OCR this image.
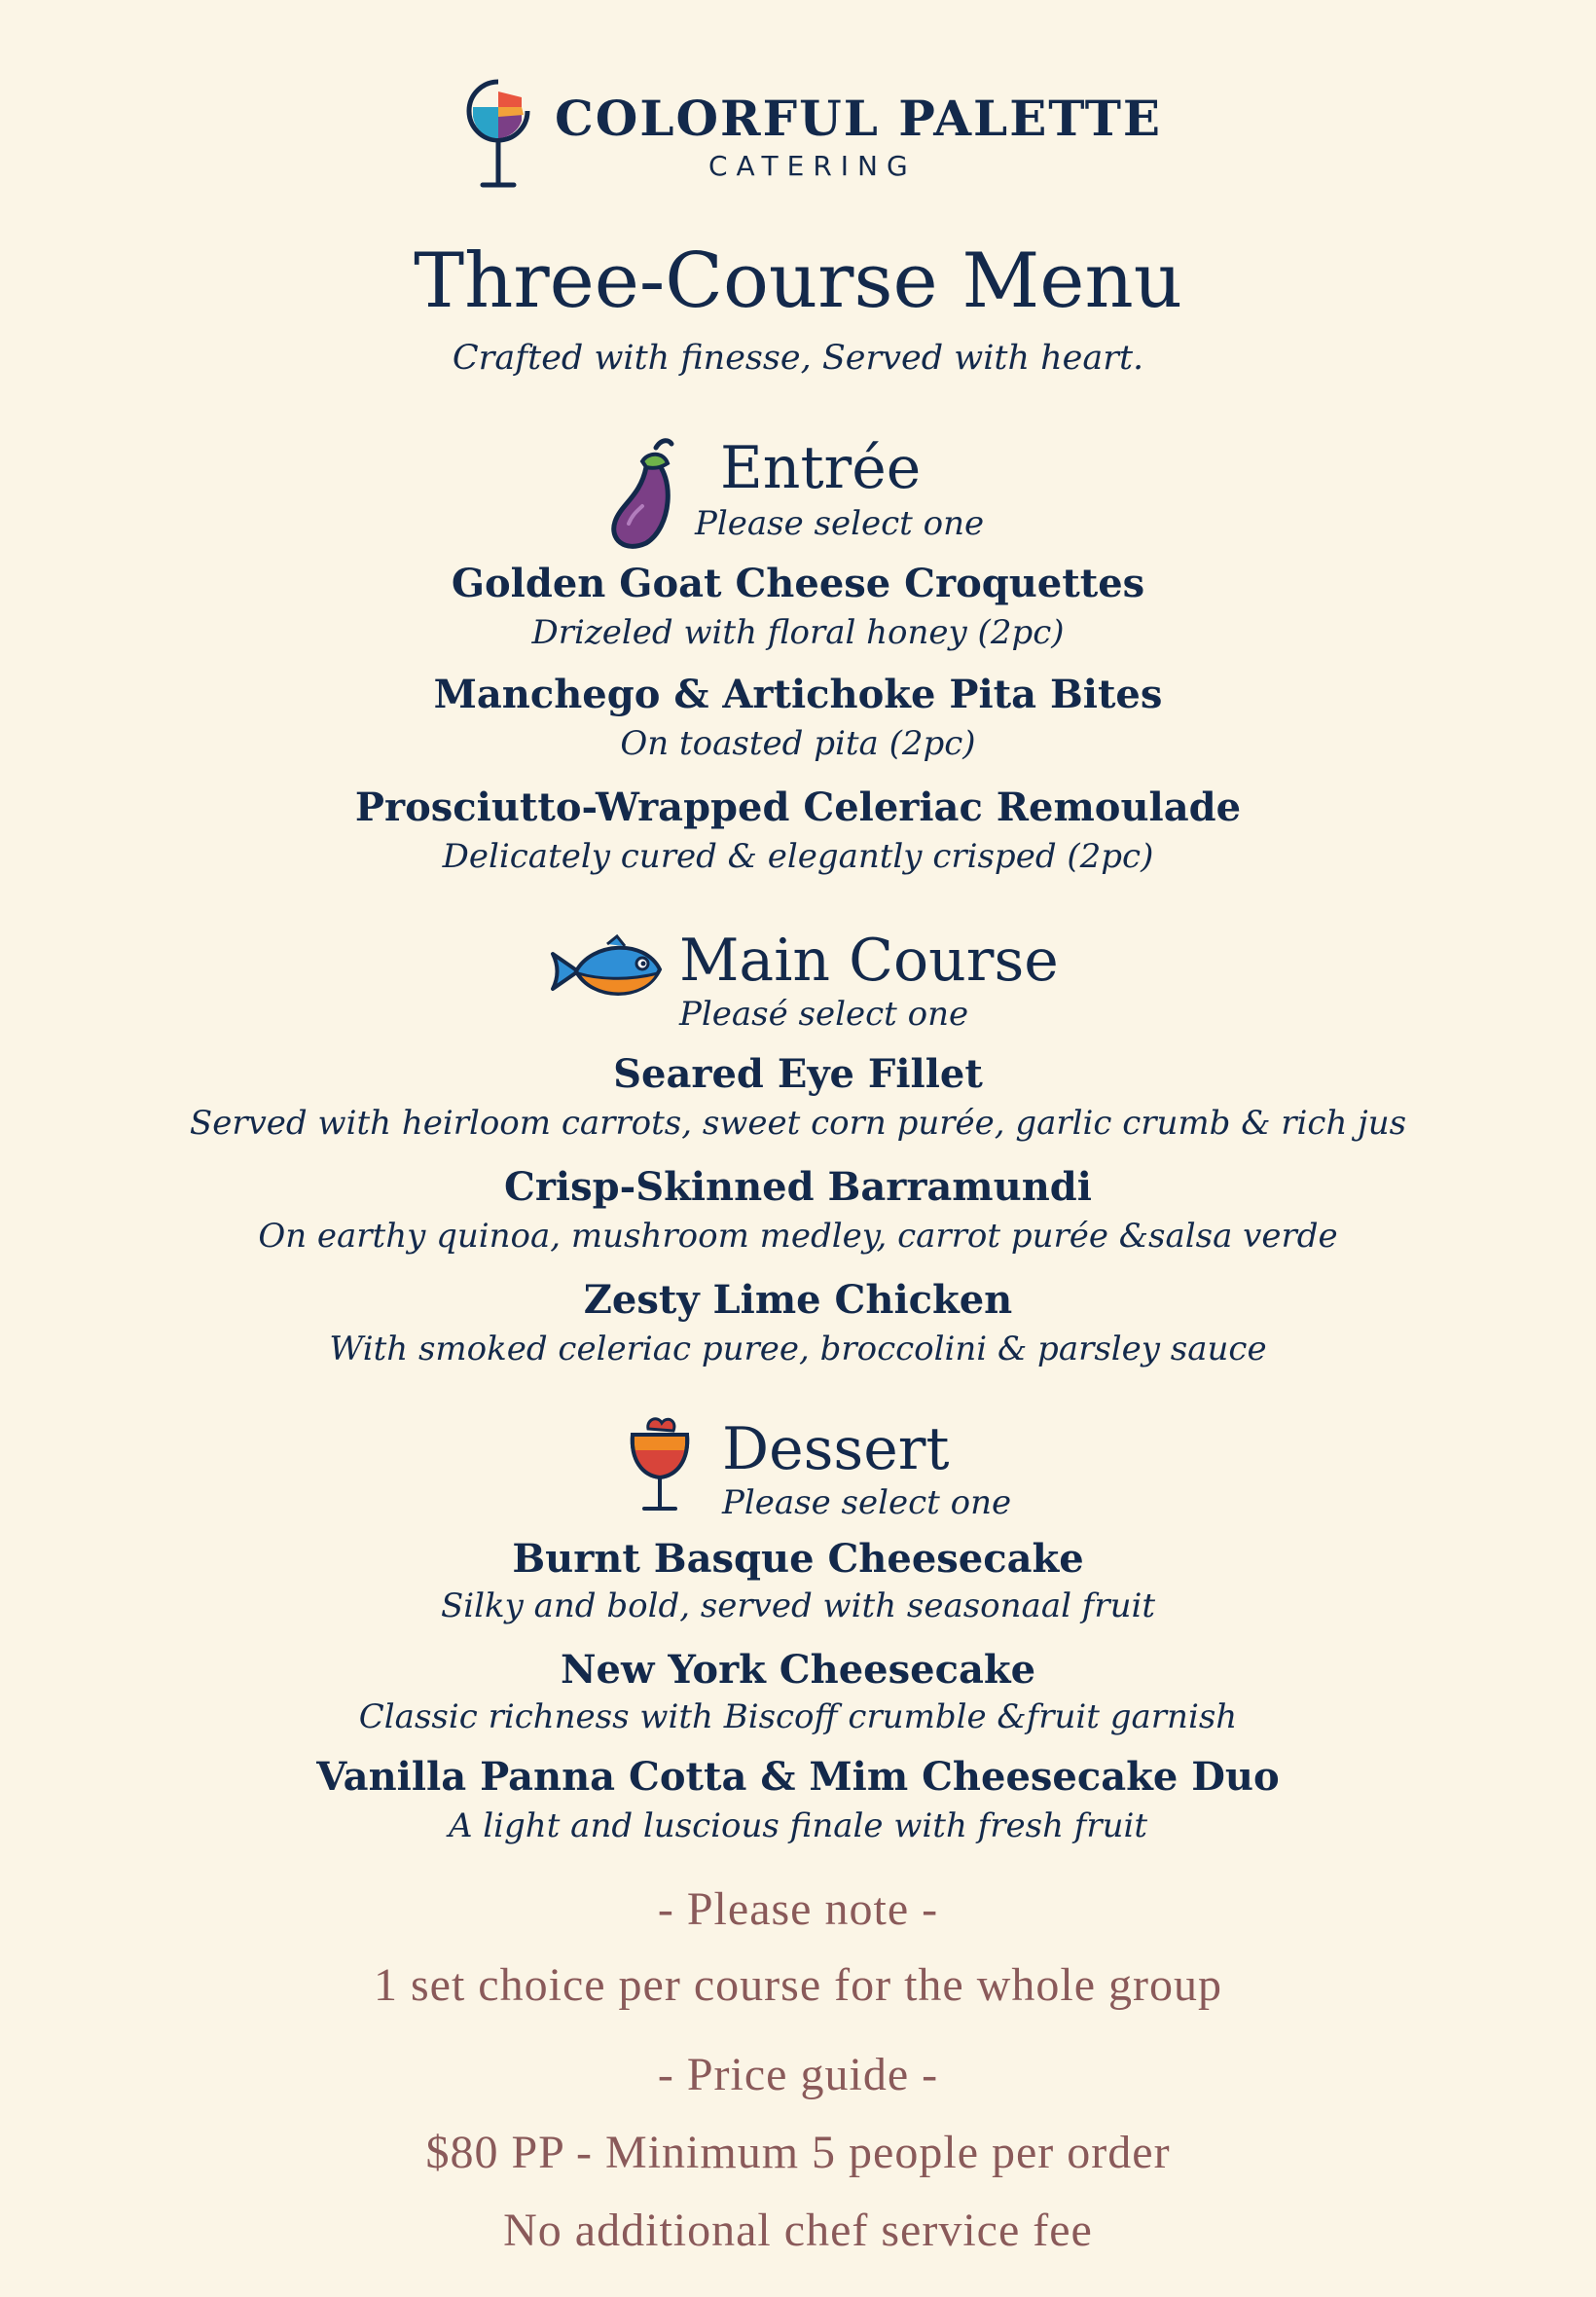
COLORFUL PALETTE
CATERING
Three-Course Menu
Crafted with finesse, Served with heart.
Entrée
Please select one
Golden Goat Cheese Croquettes
Drizeled with floral honey (2pc)
Manchego & Artichoke Pita Bites
On toasted pita (2pc)
Prosciutto-Wrapped Celeriac Remoulade
Delicately cured & elegantly crisped (2pc)
Main Course
Pleasé select one
Seared Eye Fillet
Served with heirloom carrots, sweet corn purée, garlic crumb & rich jus
Crisp-Skinned Barramundi
On earthy quinoa, mushroom medley, carrot purée &salsa verde
Zesty Lime Chicken
With smoked celeriac puree, broccolini & parsley sauce
Dessert
Please select one
Burnt Basque Cheesecake
Silky and bold, served with seasonaal fruit
New York Cheesecake
Classic richness with Biscoff crumble &fruit garnish
Vanilla Panna Cotta & Mim Cheesecake Duo
A light and luscious finale with fresh fruit
- Please note -
1 set choice per course for the whole group
- Price guide -
$80 PP - Minimum 5 people per order
No additional chef service fee
